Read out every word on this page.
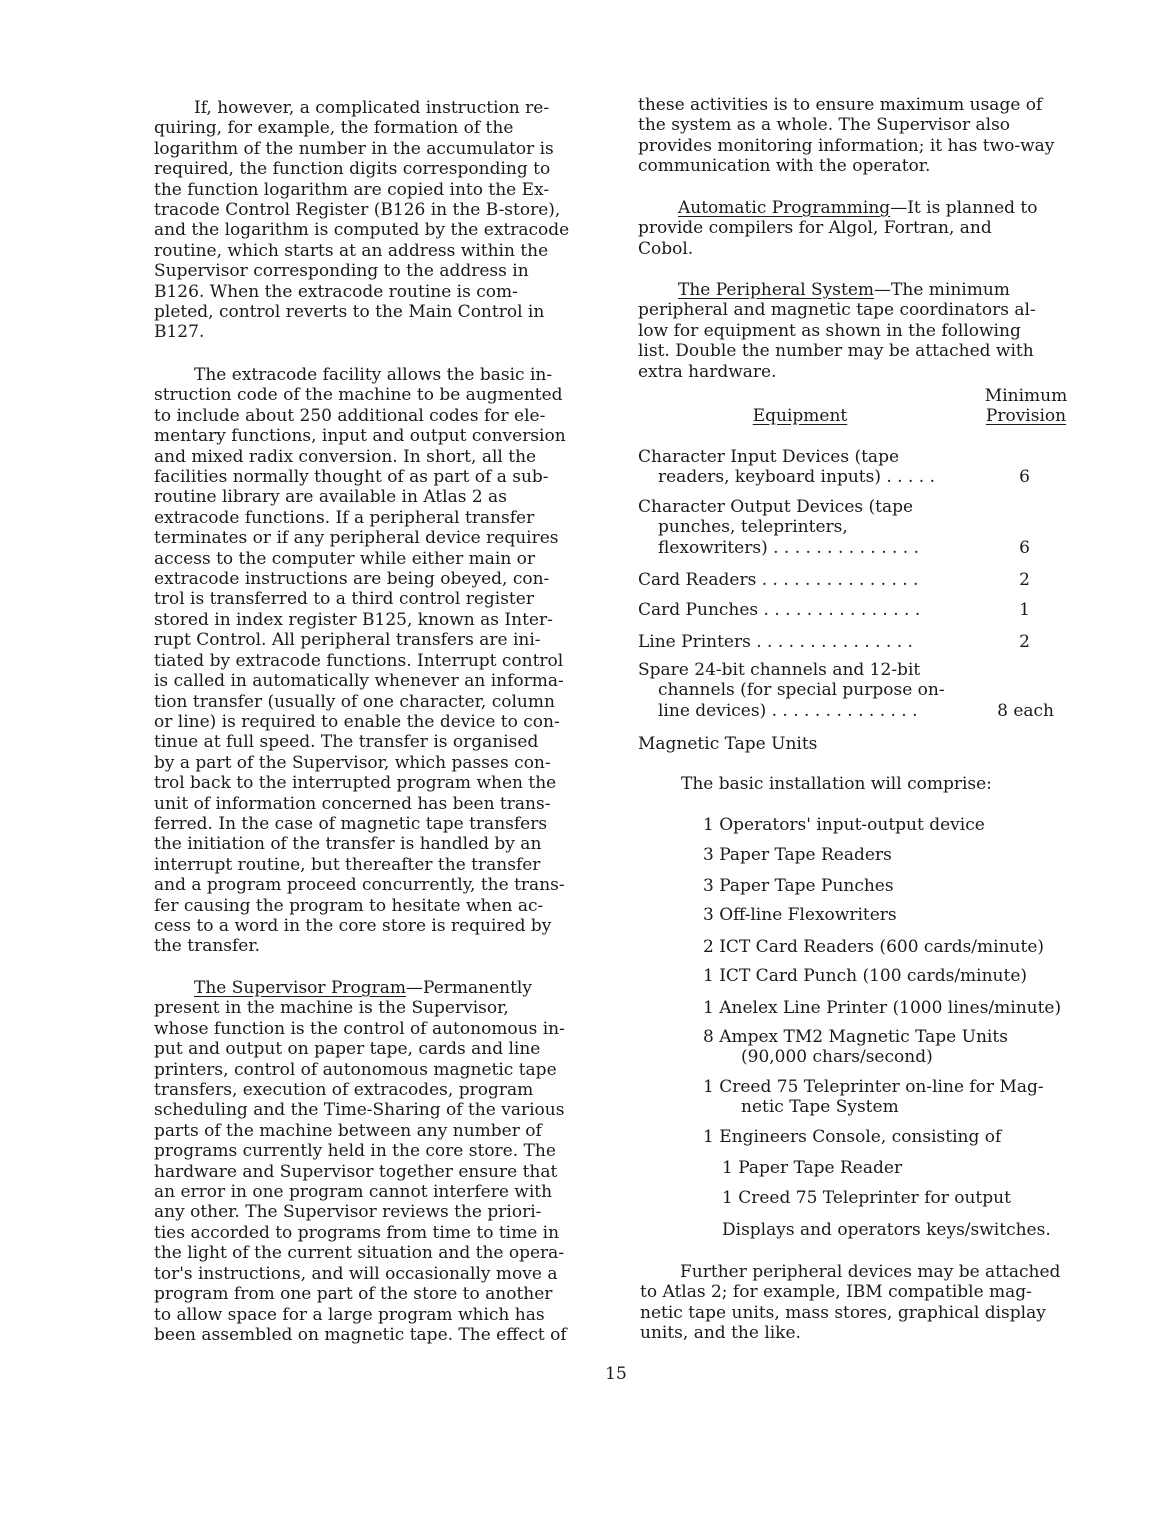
If, however, a complicated instruction re-
quiring, for example, the formation of the
logarithm of the number in the accumulator is
required, the function digits corresponding to
the function logarithm are copied into the Ex-
tracode Control Register (B126 in the B-store),
and the logarithm is computed by the extracode
routine, which starts at an address within the
Supervisor corresponding to the address in
B126. When the extracode routine is com-
pleted, control reverts to the Main Control in
B127.

The extracode facility allows the basic in-
struction code of the machine to be augmented
to include about 250 additional codes for ele-
mentary functions, input and output conversion
and mixed radix conversion. In short, all the
facilities normally thought of as part of a sub-
routine library are available in Atlas 2 as
extracode functions. If a peripheral transfer
terminates or if any peripheral device requires
access to the computer while either main or
extracode instructions are being obeyed, con-
trol is transferred to a third control register
stored in index register B125, known as Inter-
rupt Control. All peripheral transfers are ini-
tiated by extracode functions. Interrupt control
is called in automatically whenever an informa-
tion transfer (usually of one character, column
or line) is required to enable the device to con-
tinue at full speed. The transfer is organised
by a part of the Supervisor, which passes con-
trol back to the interrupted program when the
unit of information concerned has been trans-
ferred. In the case of magnetic tape transfers
the initiation of the transfer is handled by an
interrupt routine, but thereafter the transfer
and a program proceed concurrently, the trans-
fer causing the program to hesitate when ac-
cess to a word in the core store is required by
the transfer.

The Supervisor Program—Permanently
present in the machine is the Supervisor,
whose function is the control of autonomous in-
put and output on paper tape, cards and line
printers, control of autonomous magnetic tape
transfers, execution of extracodes, program
scheduling and the Time-Sharing of the various
parts of the machine between any number of
programs currently held in the core store. The
hardware and Supervisor together ensure that
an error in one program cannot interfere with
any other. The Supervisor reviews the priori-
ties accorded to programs from time to time in
the light of the current situation and the opera-
tor's instructions, and will occasionally move a
program from one part of the store to another
to allow space for a large program which has
been assembled on magnetic tape. The effect of

these activities is to ensure maximum usage of
the system as a whole. The Supervisor also
provides monitoring information; it has two-way
communication with the operator.

Automatic Programming—It is planned to
provide compilers for Algol, Fortran, and
Cobol.

The Peripheral System—The minimum
peripheral and magnetic tape coordinators al-
low for equipment as shown in the following
list. Double the number may be attached with
extra hardware.

Equipment
Minimum
Provision
Character Input Devices (tape
readers, keyboard inputs) . . . . .	6
Character Output Devices (tape
punches, teleprinters,
flexowriters) . . . . . . . . . . . . . .	6
Card Readers . . . . . . . . . . . . . . .	2
Card Punches . . . . . . . . . . . . . . .	1
Line Printers . . . . . . . . . . . . . . .	2
Spare 24-bit channels and 12-bit
channels (for special purpose on-
line devices) . . . . . . . . . . . . . .	8 each
Magnetic Tape Units

The basic installation will comprise:

1 Operators' input-output device
3 Paper Tape Readers
3 Paper Tape Punches
3 Off-line Flexowriters
2 ICT Card Readers (600 cards/minute)
1 ICT Card Punch (100 cards/minute)
1 Anelex Line Printer (1000 lines/minute)
8 Ampex TM2 Magnetic Tape Units
(90,000 chars/second)
1 Creed 75 Teleprinter on-line for Mag-
netic Tape System
1 Engineers Console, consisting of
1 Paper Tape Reader
1 Creed 75 Teleprinter for output
Displays and operators keys/switches.

Further peripheral devices may be attached
to Atlas 2; for example, IBM compatible mag-
netic tape units, mass stores, graphical display
units, and the like.

15
